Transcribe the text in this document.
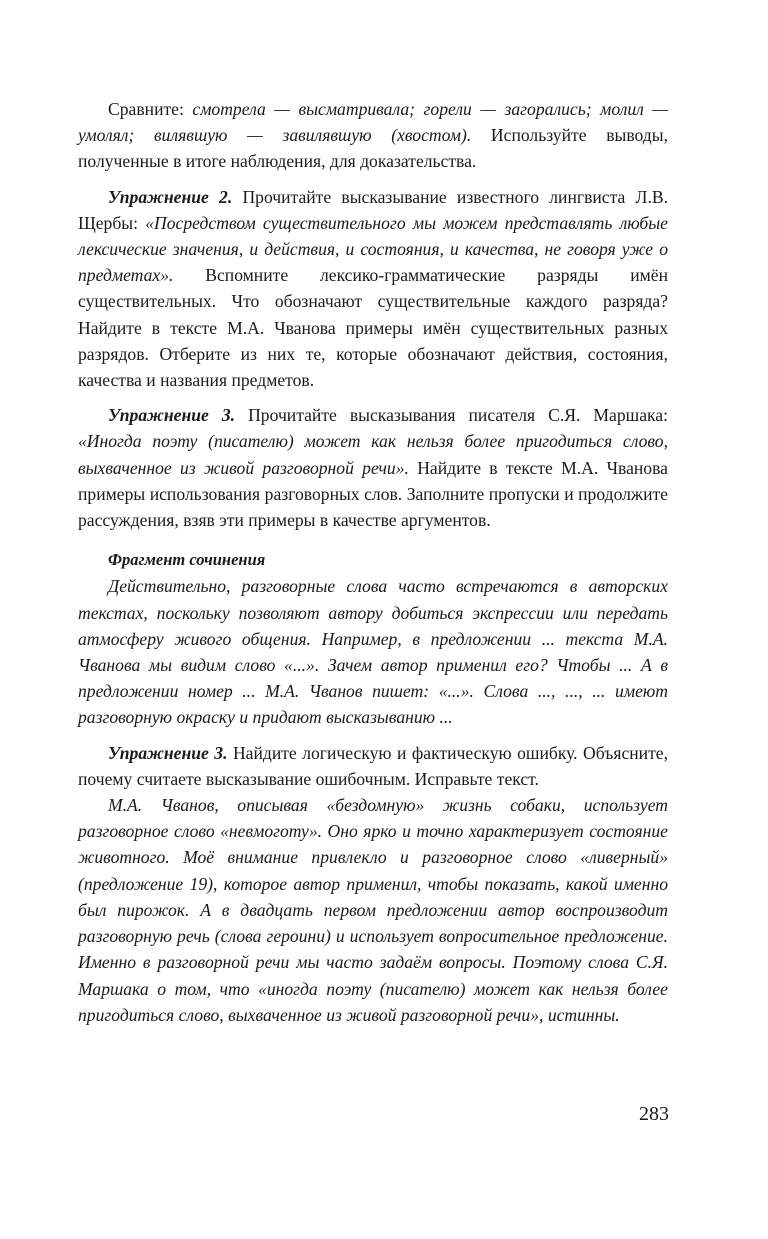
Сравните: смотрела — высматривала; горели — загорались; молил — умолял; вилявшую — завилявшую (хвостом). Используйте выводы, полученные в итоге наблюдения, для доказательства.

Упражнение 2. Прочитайте высказывание известного лингвиста Л.В. Щербы: «Посредством существительного мы можем представлять любые лексические значения, и действия, и состояния, и качества, не говоря уже о предметах». Вспомните лексико-грамматические разряды имён существительных. Что обозначают существительные каждого разряда? Найдите в тексте М.А. Чванова примеры имён существительных разных разрядов. Отберите из них те, которые обозначают действия, состояния, качества и названия предметов.

Упражнение 3. Прочитайте высказывания писателя С.Я. Маршака: «Иногда поэту (писателю) может как нельзя более пригодиться слово, выхваченное из живой разговорной речи». Найдите в тексте М.А. Чванова примеры использования разговорных слов. Заполните пропуски и продолжите рассуждения, взяв эти примеры в качестве аргументов.

Фрагмент сочинения

Действительно, разговорные слова часто встречаются в авторских текстах, поскольку позволяют автору добиться экспрессии или передать атмосферу живого общения. Например, в предложении ... текста М.А. Чванова мы видим слово «...». Зачем автор применил его? Чтобы ... А в предложении номер ... М.А. Чванов пишет: «...». Слова ..., ..., ... имеют разговорную окраску и придают высказыванию ...

Упражнение 3. Найдите логическую и фактическую ошибку. Объясните, почему считаете высказывание ошибочным. Исправьте текст.

М.А. Чванов, описывая «бездомную» жизнь собаки, использует разговорное слово «невмоготу». Оно ярко и точно характеризует состояние животного. Моё внимание привлекло и разговорное слово «ливерный» (предложение 19), которое автор применил, чтобы показать, какой именно был пирожок. А в двадцать первом предложении автор воспроизводит разговорную речь (слова героини) и использует вопросительное предложение. Именно в разговорной речи мы часто задаём вопросы. Поэтому слова С.Я. Маршака о том, что «иногда поэту (писателю) может как нельзя более пригодиться слово, выхваченное из живой разговорной речи», истинны.

283
